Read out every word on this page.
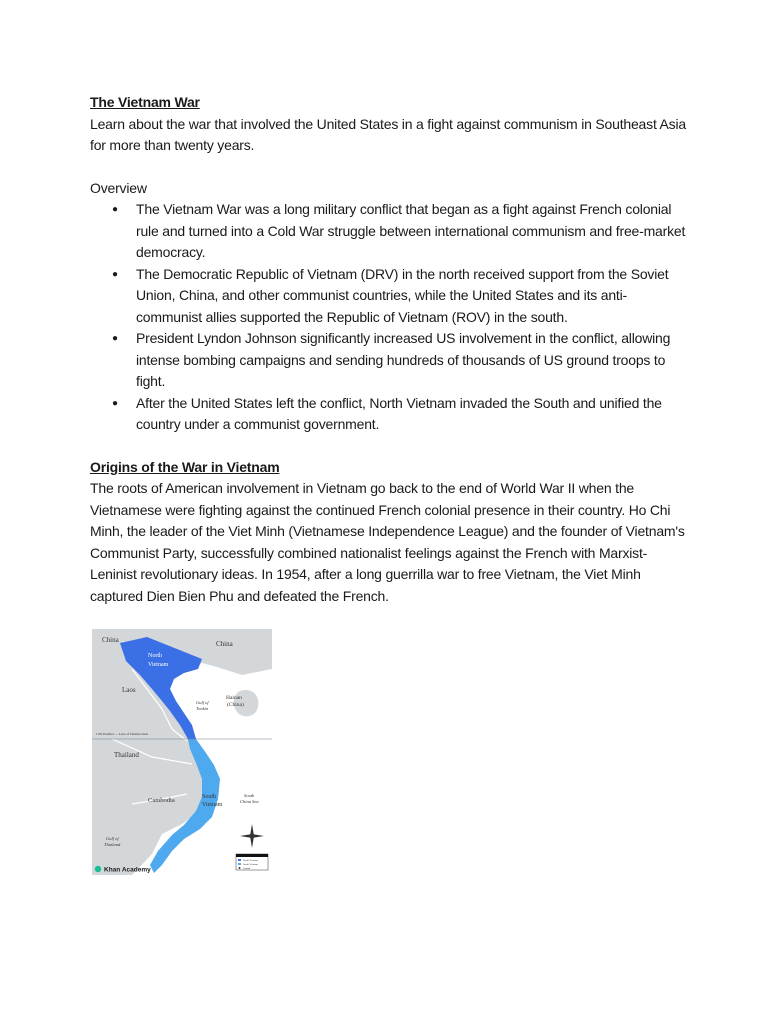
The Vietnam War

Learn about the war that involved the United States in a fight against communism in Southeast Asia for more than twenty years.

Overview

● The Vietnam War was a long military conflict that began as a fight against French colonial rule and turned into a Cold War struggle between international communism and free-market democracy.
● The Democratic Republic of Vietnam (DRV) in the north received support from the Soviet Union, China, and other communist countries, while the United States and its anti-communist allies supported the Republic of Vietnam (ROV) in the south.
● President Lyndon Johnson significantly increased US involvement in the conflict, allowing intense bombing campaigns and sending hundreds of thousands of US ground troops to fight.
● After the United States left the conflict, North Vietnam invaded the South and unified the country under a communist government.

Origins of the War in Vietnam

The roots of American involvement in Vietnam go back to the end of World War II when the Vietnamese were fighting against the continued French colonial presence in their country. Ho Chi Minh, the leader of the Viet Minh (Vietnamese Independence League) and the founder of Vietnam's Communist Party, successfully combined nationalist feelings against the French with Marxist-Leninist revolutionary ideas. In 1954, after a long guerrilla war to free Vietnam, the Viet Minh captured Dien Bien Phu and defeated the French.

17th Parallel — Line of Demarcation
China	China
North
Vietnam
Laos
Gulf of
Tonkin
Hainan
(China)
Thailand
Cambodia	South
Vietnam
South
China Sea
Gulf of
Thailand
North Vietnam
South Vietnam
Capital
Khan Academy
